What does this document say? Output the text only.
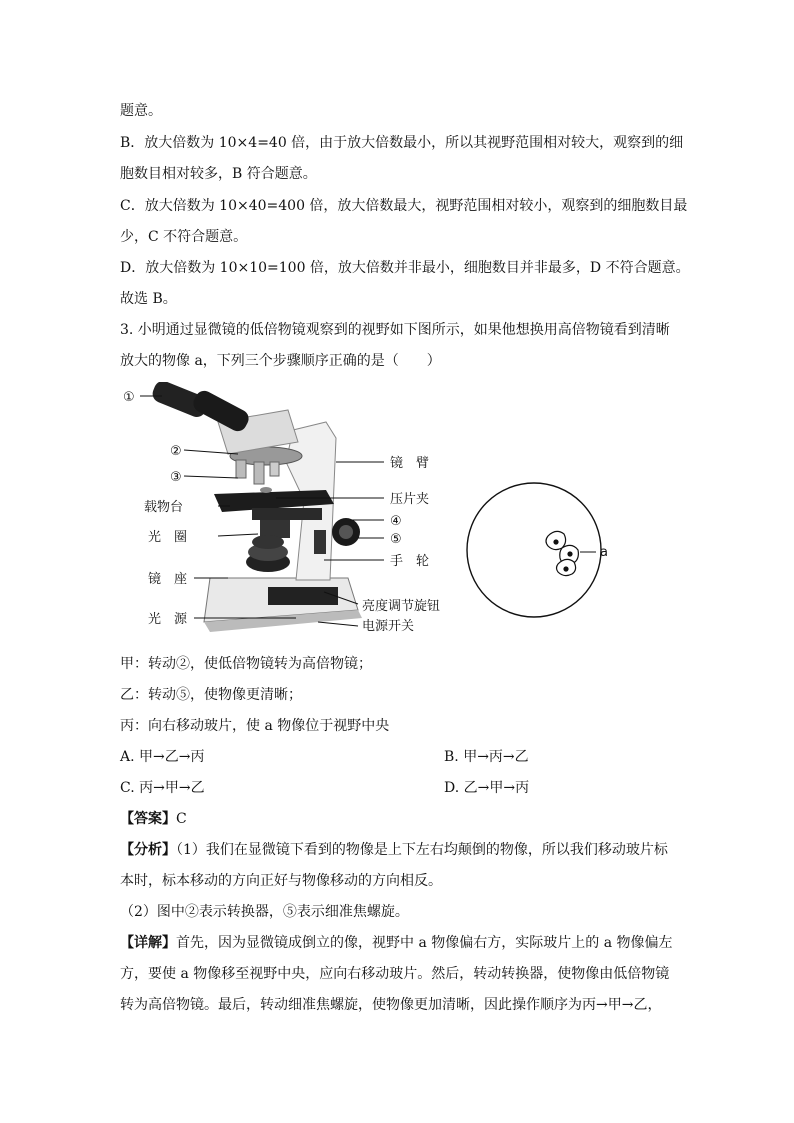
题意。
B．放大倍数为 10×4=40 倍，由于放大倍数最小，所以其视野范围相对较大，观察到的细
胞数目相对较多，B 符合题意。
C．放大倍数为 10×40=400 倍，放大倍数最大，视野范围相对较小，观察到的细胞数目最
少，C 不符合题意。
D．放大倍数为 10×10=100 倍，放大倍数并非最小，细胞数目并非最多，D 不符合题意。
故选 B。
3. 小明通过显微镜的低倍物镜观察到的视野如下图所示，如果他想换用高倍物镜看到清晰
放大的物像 a，下列三个步骤顺序正确的是（　　）
①
②
③
载物台
光　圈
镜　座
光　源
镜　臂
压片夹
④
⑤
手　轮
亮度调节旋钮
电源开关
a
甲：转动②，使低倍物镜转为高倍物镜；
乙：转动⑤，使物像更清晰；
丙：向右移动玻片，使 a 物像位于视野中央
A. 甲→乙→丙	B. 甲→丙→乙
C. 丙→甲→乙	D. 乙→甲→丙
【答案】C
【分析】（1）我们在显微镜下看到的物像是上下左右均颠倒的物像，所以我们移动玻片标
本时，标本移动的方向正好与物像移动的方向相反。
（2）图中②表示转换器，⑤表示细准焦螺旋。
【详解】首先，因为显微镜成倒立的像，视野中 a 物像偏右方，实际玻片上的 a 物像偏左
方，要使 a 物像移至视野中央，应向右移动玻片。然后，转动转换器，使物像由低倍物镜
转为高倍物镜。最后，转动细准焦螺旋，使物像更加清晰，因此操作顺序为丙→甲→乙，
